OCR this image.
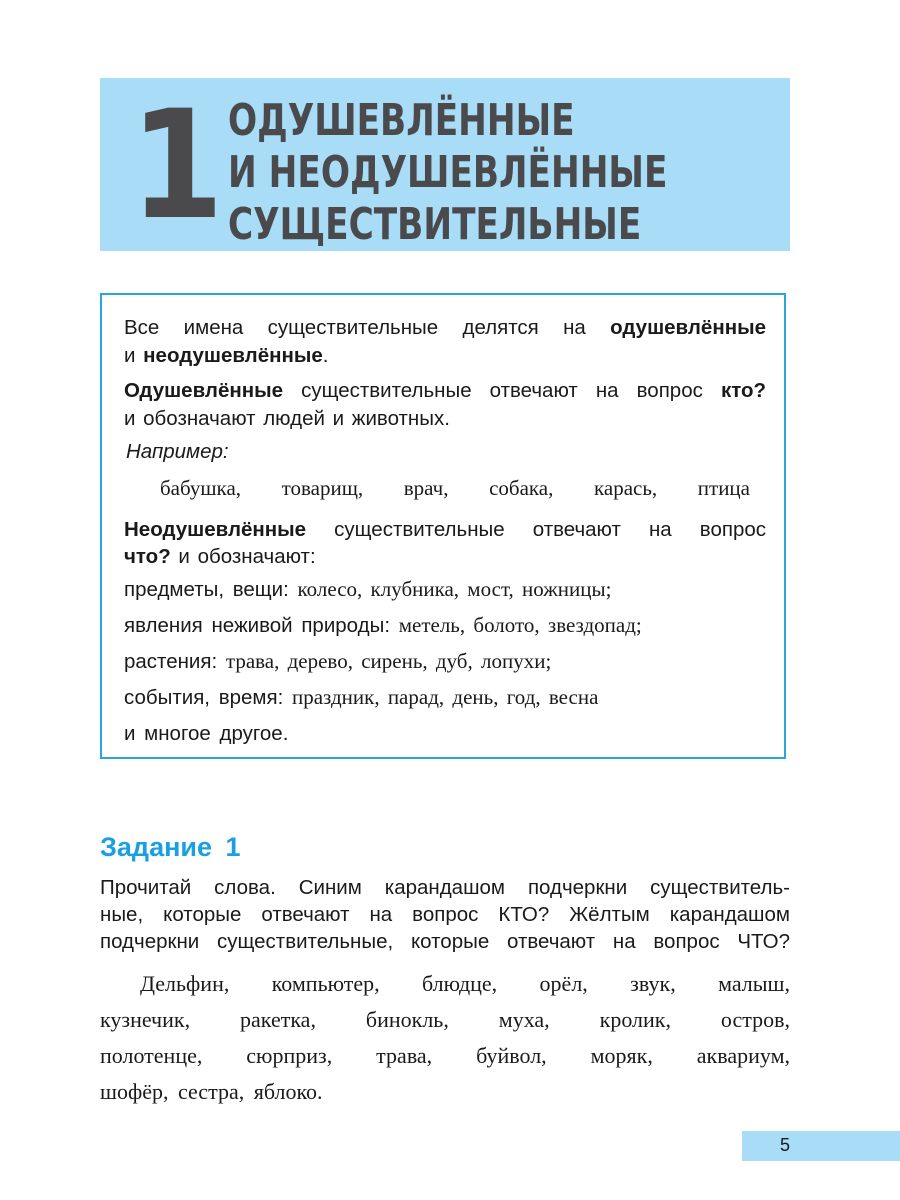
1 ОДУШЕВЛЁННЫЕ
И НЕОДУШЕВЛЁННЫЕ
СУЩЕСТВИТЕЛЬНЫЕ
Все имена существительные делятся на одушевлённые
и неодушевлённые.
Одушевлённые существительные отвечают на вопрос кто?
и обозначают людей и животных.
Например:
бабушка, товарищ, врач, собака, карась, птица
Неодушевлённые существительные отвечают на вопрос
что? и обозначают:
предметы, вещи: колесо, клубника, мост, ножницы;
явления неживой природы: метель, болото, звездопад;
растения: трава, дерево, сирень, дуб, лопухи;
события, время: праздник, парад, день, год, весна
и многое другое.
Задание 1
Прочитай слова. Синим карандашом подчеркни существитель-
ные, которые отвечают на вопрос КТО? Жёлтым карандашом
подчеркни существительные, которые отвечают на вопрос ЧТО?
Дельфин, компьютер, блюдце, орёл, звук, малыш,
кузнечик, ракетка, бинокль, муха, кролик, остров,
полотенце, сюрприз, трава, буйвол, моряк, аквариум,
шофёр, сестра, яблоко.
5
